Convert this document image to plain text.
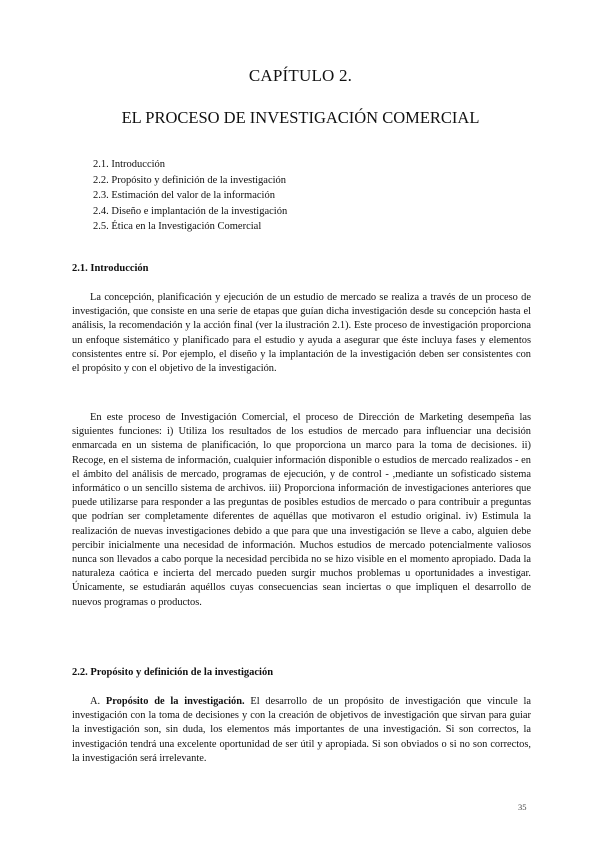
CAPÍTULO 2.
EL PROCESO DE INVESTIGACIÓN COMERCIAL
2.1. Introducción
2.2. Propósito y definición de la investigación
2.3. Estimación del valor de la información
2.4. Diseño e implantación de la investigación
2.5. Ética en la Investigación Comercial
2.1. Introducción

La concepción, planificación y ejecución de un estudio de mercado se realiza a través de un proceso de investigación, que consiste en una serie de etapas que guían dicha investigación desde su concepción hasta el análisis, la recomendación y la acción final (ver la ilustración 2.1). Este proceso de investigación proporciona un enfoque sistemático y planificado para el estudio y ayuda a asegurar que éste incluya fases y elementos consistentes entre sí. Por ejemplo, el diseño y la implantación de la investigación deben ser consistentes con el propósito y con el objetivo de la investigación.

En este proceso de Investigación Comercial, el proceso de Dirección de Marketing desempeña las siguientes funciones: i) Utiliza los resultados de los estudios de mercado para influenciar una decisión enmarcada en un sistema de planificación, lo que proporciona un marco para la toma de decisiones. ii) Recoge, en el sistema de información, cualquier información disponible o estudios de mercado realizados - en el ámbito del análisis de mercado, programas de ejecución, y de control - ,mediante un sofisticado sistema informático o un sencillo sistema de archivos. iii) Proporciona información de investigaciones anteriores que puede utilizarse para responder a las preguntas de posibles estudios de mercado o para contribuir a preguntas que podrían ser completamente diferentes de aquéllas que motivaron el estudio original. iv) Estimula la realización de nuevas investigaciones debido a que para que una investigación se lleve a cabo, alguien debe percibir inicialmente una necesidad de información. Muchos estudios de mercado potencialmente valiosos nunca son llevados a cabo porque la necesidad percibida no se hizo visible en el momento apropiado. Dada la naturaleza caótica e incierta del mercado pueden surgir muchos problemas u oportunidades a investigar. Únicamente, se estudiarán aquéllos cuyas consecuencias sean inciertas o que impliquen el desarrollo de nuevos programas o productos.

2.2. Propósito y definición de la investigación

A. Propósito de la investigación. El desarrollo de un propósito de investigación que vincule la investigación con la toma de decisiones y con la creación de objetivos de investigación que sirvan para guiar la investigación son, sin duda, los elementos más importantes de una investigación. Si son correctos, la investigación tendrá una excelente oportunidad de ser útil y apropiada. Si son obviados o si no son correctos, la investigación será irrelevante.

35
